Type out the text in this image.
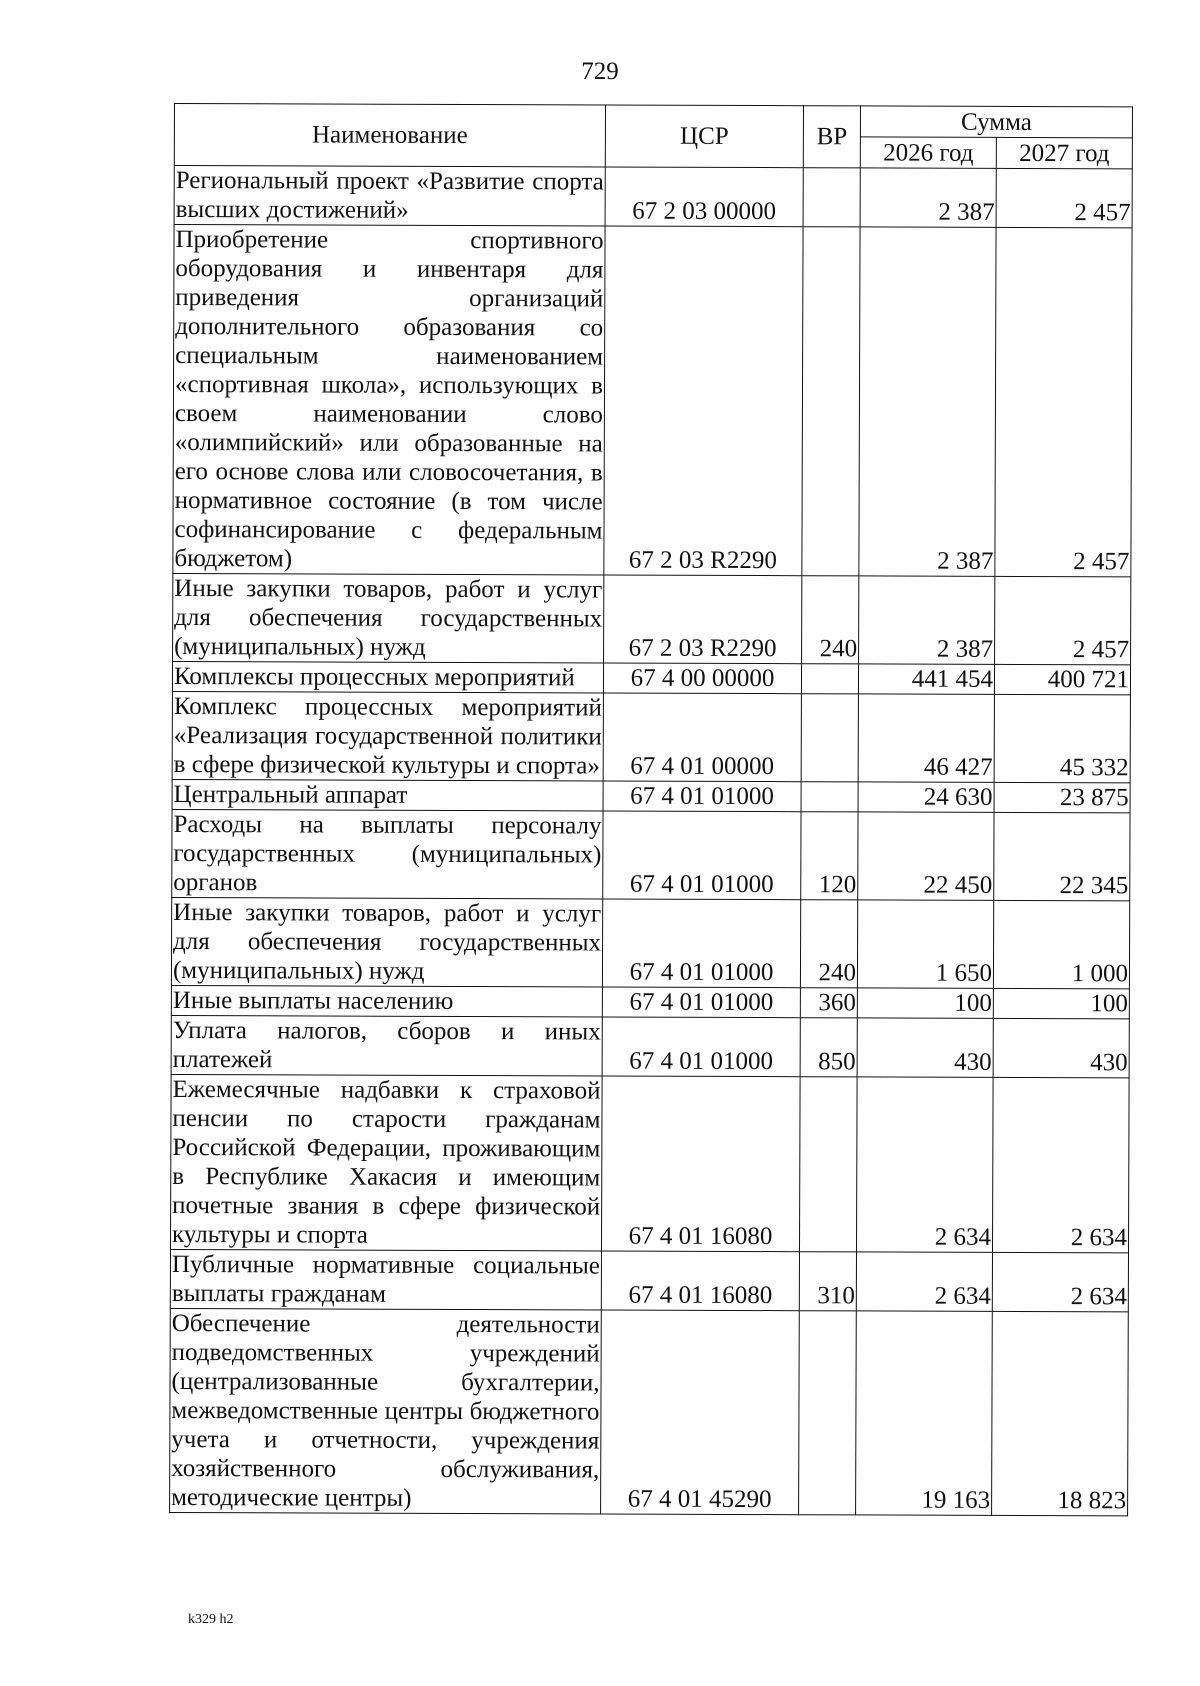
729
Наименование	ЦСР	ВР	Сумма	
			2026 год	2027 год
Региональный проект «Развитие спорта высших достижений»	67 2 03 00000		2 387	2 457
Приобретение спортивного оборудования и инвентаря для приведения организаций дополнительного образования со специальным наименованием «спортивная школа», использующих в своем наименовании слово «олимпийский» или образованные на его основе слова или словосочетания, в нормативное состояние (в том числе софинансирование с федеральным бюджетом)	67 2 03 R2290		2 387	2 457
Иные закупки товаров, работ и услуг для обеспечения государственных (муниципальных) нужд	67 2 03 R2290	240	2 387	2 457
Комплексы процессных мероприятий	67 4 00 00000		441 454	400 721
Комплекс процессных мероприятий «Реализация государственной политики в сфере физической культуры и спорта»	67 4 01 00000		46 427	45 332
Центральный аппарат	67 4 01 01000		24 630	23 875
Расходы на выплаты персоналу государственных (муниципальных) органов	67 4 01 01000	120	22 450	22 345
Иные закупки товаров, работ и услуг для обеспечения государственных (муниципальных) нужд	67 4 01 01000	240	1 650	1 000
Иные выплаты населению	67 4 01 01000	360	100	100
Уплата налогов, сборов и иных платежей	67 4 01 01000	850	430	430
Ежемесячные надбавки к страховой пенсии по старости гражданам Российской Федерации, проживающим в Республике Хакасия и имеющим почетные звания в сфере физической культуры и спорта	67 4 01 16080		2 634	2 634
Публичные нормативные социальные выплаты гражданам	67 4 01 16080	310	2 634	2 634
Обеспечение деятельности подведомственных учреждений (централизованные бухгалтерии, межведомственные центры бюджетного учета и отчетности, учреждения хозяйственного обслуживания, методические центры)	67 4 01 45290		19 163	18 823
k329 h2
